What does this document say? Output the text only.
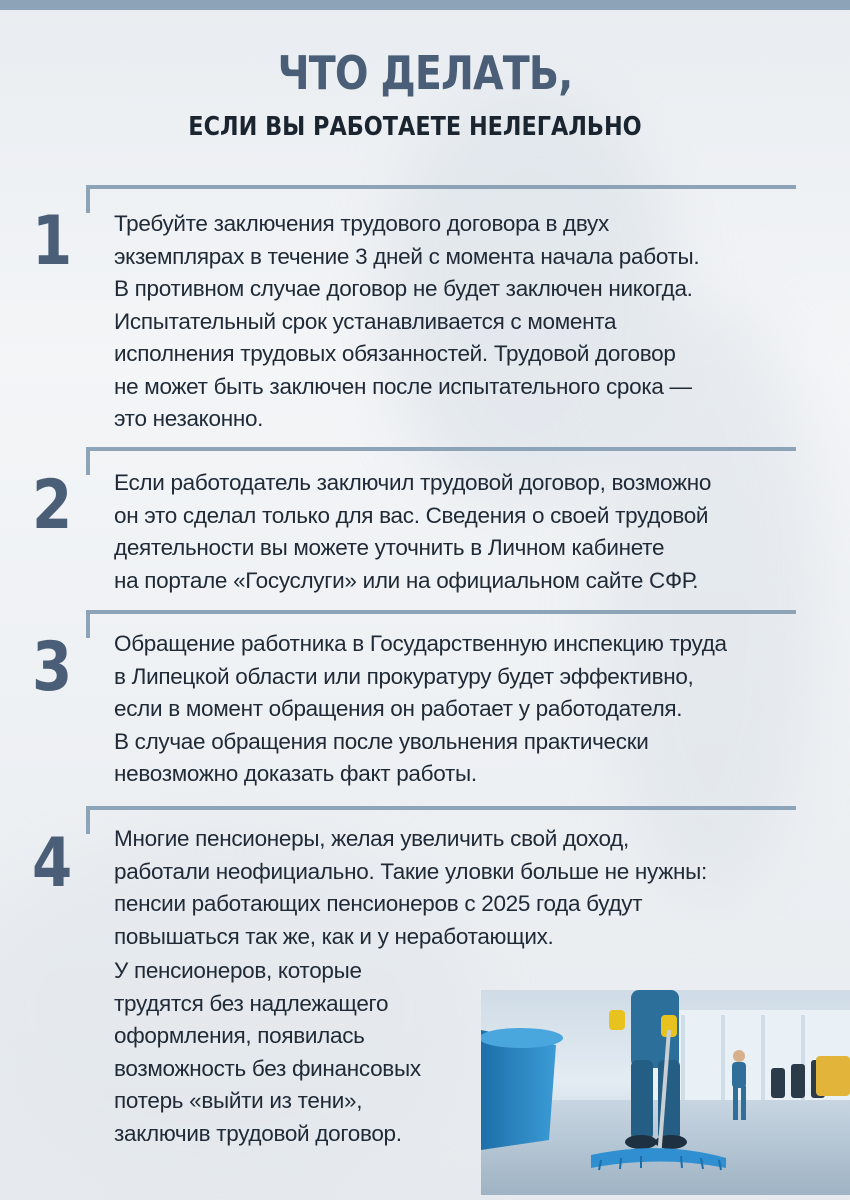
ЧТО ДЕЛАТЬ,
ЕСЛИ ВЫ РАБОТАЕТЕ НЕЛЕГАЛЬНО
1 Требуйте заключения трудового договора в двух
экземплярах в течение 3 дней с момента начала работы.
В противном случае договор не будет заключен никогда.
Испытательный срок устанавливается с момента
исполнения трудовых обязанностей. Трудовой договор
не может быть заключен после испытательного срока —
это незаконно.

2 Если работодатель заключил трудовой договор, возможно
он это сделал только для вас. Сведения о своей трудовой
деятельности вы можете уточнить в Личном кабинете
на портале «Госуслуги» или на официальном сайте СФР.

3 Обращение работника в Государственную инспекцию труда
в Липецкой области или прокуратуру будет эффективно,
если в момент обращения он работает у работодателя.
В случае обращения после увольнения практически
невозможно доказать факт работы.

4 Многие пенсионеры, желая увеличить свой доход,
работали неофициально. Такие уловки больше не нужны:
пенсии работающих пенсионеров с 2025 года будут
повышаться так же, как и у неработающих.

У пенсионеров, которые
трудятся без надлежащего
оформления, появилась
возможность без финансовых
потерь «выйти из тени»,
заключив трудовой договор.
